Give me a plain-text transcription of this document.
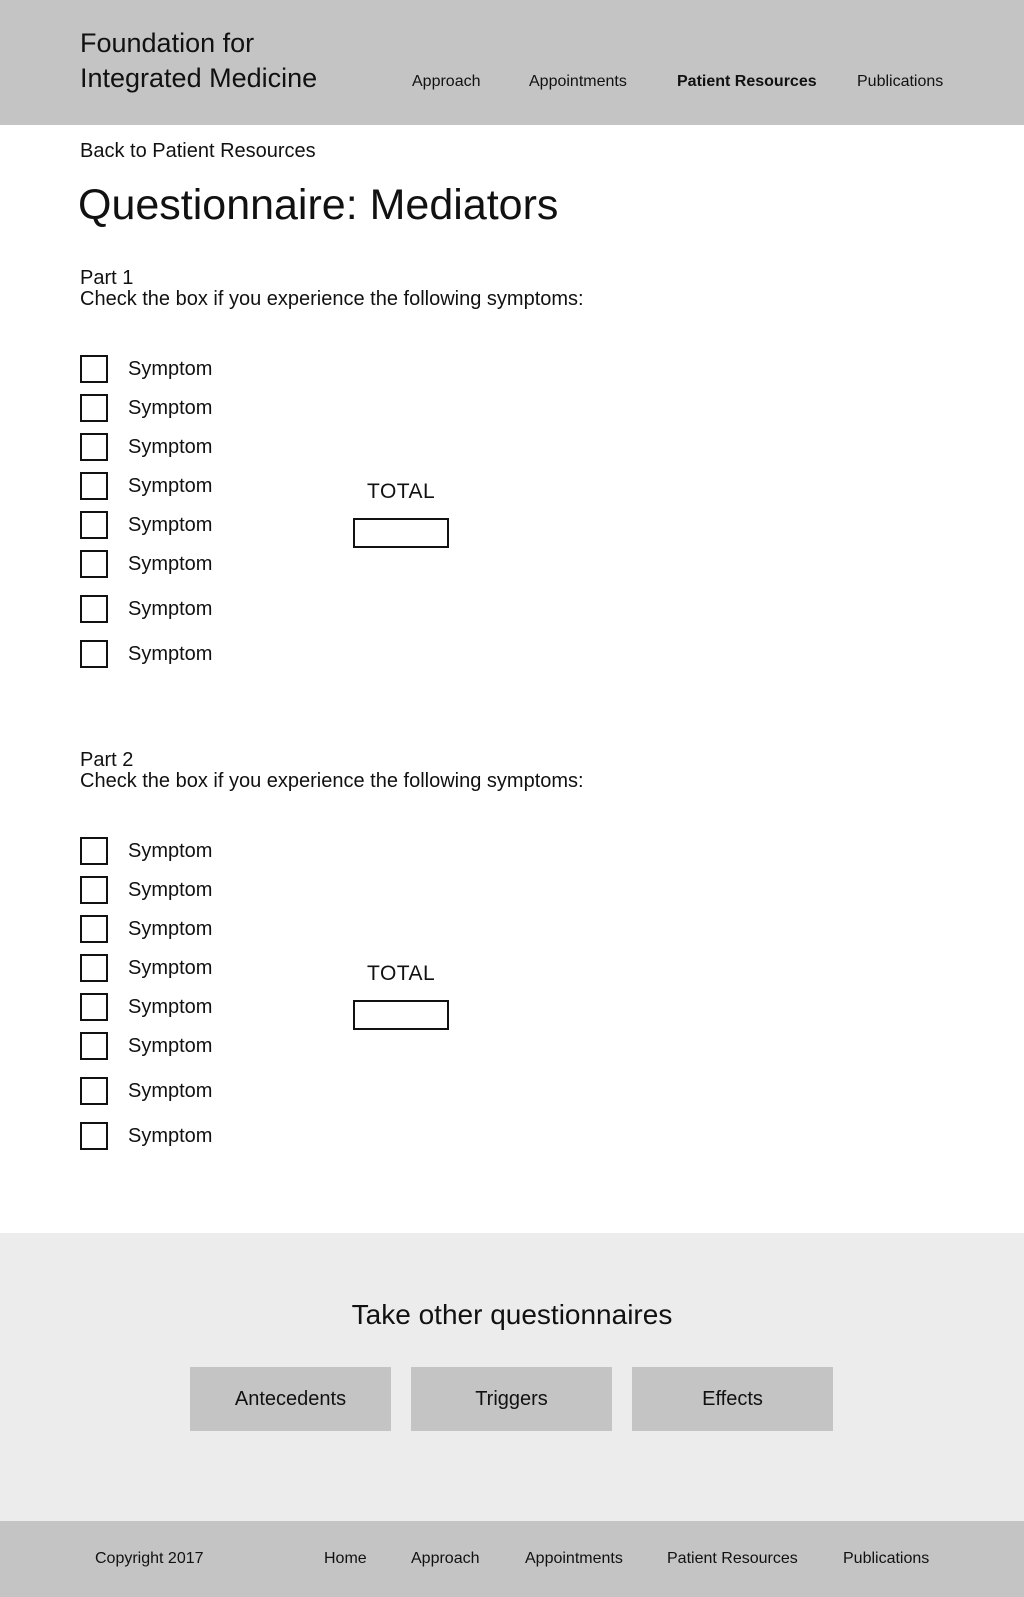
Foundation for
Integrated Medicine	Approach	Appointments	Patient Resources	Publications
Back to Patient Resources
Questionnaire: Mediators
Part 1
Check the box if you experience the following symptoms:
Symptom
Symptom
Symptom
Symptom
Symptom
Symptom
Symptom
Symptom
TOTAL
Part 2
Check the box if you experience the following symptoms:
Symptom
Symptom
Symptom
Symptom
Symptom
Symptom
Symptom
Symptom
TOTAL
Take other questionnaires
Antecedents	Triggers	Effects
Copyright 2017	Home	Approach	Appointments	Patient Resources	Publications
